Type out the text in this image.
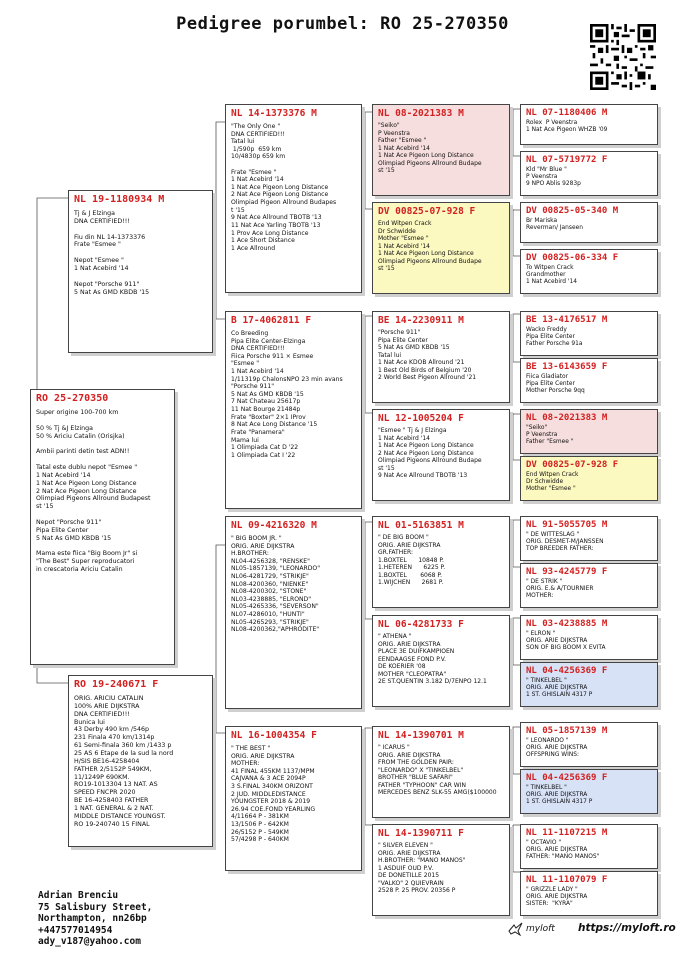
Pedigree porumbel: RO 25-270350
RO 25-270350
Super origine 100-700 km

50 % Tj &J Elzinga
50 % Ariciu Catalin (Orisjka)

Ambii parinti detin test ADN!!

Tatal este dublu nepot "Esmee "
1 Nat Acebird '14
1 Nat Ace Pigeon Long Distance
2 Nat Ace Pigeon Long Distance
Olimpiad Pigeons Allround Budapest
st '15

Nepot "Porsche 911"
Pipa Elite Center
5 Nat As GMD KBDB '15

Mama este fiica "Big Boom Jr" si
"The Best" Super reproducatori
in crescatoria Ariciu Catalin
NL 19-1180934 M
Tj & J Elzinga
DNA CERTIFIED!!!

Fiu din NL 14-1373376
Frate "Esmee "

Nepot "Esmee "
1 Nat Acebird '14

Nepot "Porsche 911"
5 Nat As GMD KBDB '15
RO 19-240671 F
ORIG. ARICIU CATALIN
100% ARIE DIJKSTRA
DNA CERTIFIED!!!
Bunica lui
43 Derby 490 km /546p
231 Finala 470 km/1314p
61 Semi-finala 360 km /1433 p
25 AS 6 Etape de la sud la nord
H/SIS BE16-4258404
FATHER 2/5152P 549KM,
11/1249P 690KM.
RO19-1013304 13 NAT. AS
SPEED FNCPR 2020
BE 16-4258403 FATHER
1 NAT. GENERAL & 2 NAT.
MIDDLE DISTANCE YOUNGST.
RO 19-240740 15 FINAL
NL 14-1373376 M
"The Only One "
DNA CERTIFIED!!!
Tatal lui
1/590p  659 km
10/4830p 659 km

Frate "Esmee "
1 Nat Acebird '14
1 Nat Ace Pigeon Long Distance
2 Nat Ace Pigeon Long Distance
Olimpiad Pigeon Allround Budapes
t '15
9 Nat Ace Allround TBOTB '13
11 Nat Ace Yarling TBOTB '13
1 Prov Ace Long Distance
1 Ace Short Distance
1 Ace Allround
B 17-4062811 F
Co Breeding
Pipa Elite Center-Elzinga
DNA CERTIFIED!!!
Fiica Porsche 911 × Esmee
"Esmee "
1 Nat Acebird '14
1/11319p ChalonsNPO 23 min avans
"Porsche 911"
5 Nat As GMD KBDB '15
7 Nat Chateau 25617p
11 Nat Bourge 21484p
Frate "Boxter" 2×1 IProv
8 Nat Ace Long Distance '15
Frate "Panamera"
Mama lui
1 Olimpiada Cat D '22
1 Olimpiada Cat I '22
NL 09-4216320 M
" BIG BOOM JR. "
ORIG. ARIE DIJKSTRA
H.BROTHER:
NL04-4256328, "RENSKE"
NL05-1857139, "LEONARDO"
NL06-4281729, "STRIKJE"
NL08-4200360, "NIENKE"
NL08-4200302, "STONE"
NL03-4238885, "ELROND"
NL05-4265336, "SEVERSON"
NL07-4286010, "HUNTI"
NL05-4265293, "STRIKJE"
NL08-4200362,"APHRODITE"
NL 16-1004354 F
" THE BEST "
ORIG. ARIE DIJKSTRA
MOTHER:
41 FINAL 455KM 1137/MPM
CAJVANA & 3 ACE 2094P
3 S.FINAL 340KM ORIZONT
2 JUD. MIDDLEDISTANCE
YOUNGSTER 2018 & 2019
26.94 COE.FOND YEARLING
4/11664 P - 381KM
13/1506 P - 642KM
26/5152 P - 549KM
57/4298 P - 640KM
NL 08-2021383 M
"Seiko"
P Veenstra
Father "Esmee "
1 Nat Acebird '14
1 Nat Ace Pigeon Long Distance
Olimpiad Pigeons Allround Budape
st '15
DV 00825-07-928 F
End Witpen Crack
Dr Schwidde
Mother "Esmee "
1 Nat Acebird '14
1 Nat Ace Pigeon Long Distance
Olimpiad Pigeons Allround Budape
st '15
BE 14-2230911 M
"Porsche 911"
Pipa Elite Center
5 Nat As GMD KBDB '15
Tatal lui
1 Nat Ace KDOB Allround '21
1 Best Old Birds of Belgium '20
2 World Best Pigeon Allround '21
NL 12-1005204 F
"Esmee " Tj & J Elzinga
1 Nat Acebird '14
1 Nat Ace Pigeon Long Distance
2 Nat Ace Pigeon Long Distance
Olimpiad Pigeons Allround Budape
st '15
9 Nat Ace Allround TBOTB '13
NL 01-5163851 M
" DE BIG BOOM "
ORIG. ARIE DIJKSTRA
GR.FATHER:
1.BOXTEL      10848 P.
1.HETEREN      6225 P.
1.BOXTEL       6068 P.
1.WIJCHEN      2681 P.
NL 06-4281733 F
" ATHENA "
ORIG. ARIE DIJKSTRA
PLACE 3E DUIFKAMPIOEN
EENDAAGSE FOND P.V.
DE KOERIER '08
MOTHER "CLEOPATRA"
2E ST.QUENTIN 3.182 D/7ENPO 12.1
NL 14-1390701 M
" ICARUS "
ORIG. ARIE DIJKSTRA
FROM THE GOLDEN PAIR:
"LEONARDO" X "TINKELBEL"
BROTHER "BLUE SAFARI"
FATHER "TYPHOON" CAR WIN
MERCEDES BENZ SLK-55 AMG($100000
NL 14-1390711 F
" SILVER ELEVEN "
ORIG. ARIE DIJKSTRA
H.BROTHER: "MANO MANOS"
1 ASDUIF OUD P.V.
DE DONETILLE 2015
"VALKO" 2 QUIEVRAIN
2528 P. 25 PROV. 20356 P
NL 07-1180406 M
Rolex  P Veenstra
1 Nat Ace Pigeon WHZB '09
NL 07-5719772 F
Kld "Mr Blue "
P Veenstra
9 NPO Ablis 9283p
DV 00825-05-340 M
Br Mariska
Reverman/ Janseen
DV 00825-06-334 F
To Witpen Crack
Grandmother
1 Nat Acebird '14
BE 13-4176517 M
Wacko Freddy
Pipa Elite Center
Father Porsche 91a
BE 13-6143659 F
Fiica Gladiator
Pipa Elite Center
Mother Porsche 9qq
NL 08-2021383 M
"Seiko"
P Veenstra
Father "Esmee "
DV 00825-07-928 F
End Witpen Crack
Dr Schwidde
Mother "Esmee "
NL 91-5055705 M
" DE WITTESLAG "
ORIG. DESMET-M/JANSSEN
TOP BREEDER FATHER:
NL 93-4245779 F
" DE STRIK "
ORIG. E.& A/TOURNIER
MOTHER:
NL 03-4238885 M
" ELRON "
ORIG. ARIE DIJKSTRA
SON OF BIG BOOM X EVITA
NL 04-4256369 F
" TINKELBEL "
ORIG. ARIE DIJKSTRA
1 ST. GHISLAIN 4317 P
NL 05-1857139 M
" LEONARDO "
ORIG. ARIE DIJKSTRA
OFFSPRING WINS:
NL 04-4256369 F
" TINKELBEL "
ORIG. ARIE DIJKSTRA
1 ST. GHISLAIN 4317 P
NL 11-1107215 M
" OCTAVIO "
ORIG. ARIE DIJKSTRA
FATHER: "MANO MANOS"
NL 11-1107079 F
" GRIZZLE LADY "
ORIG. ARIE DIJKSTRA
SISTER:  "KYRA"
Adrian Brenciu
75 Salisbury Street,
Northampton, nn26bp
+447577014954
ady_v187@yahoo.com
myloft https://myloft.ro
